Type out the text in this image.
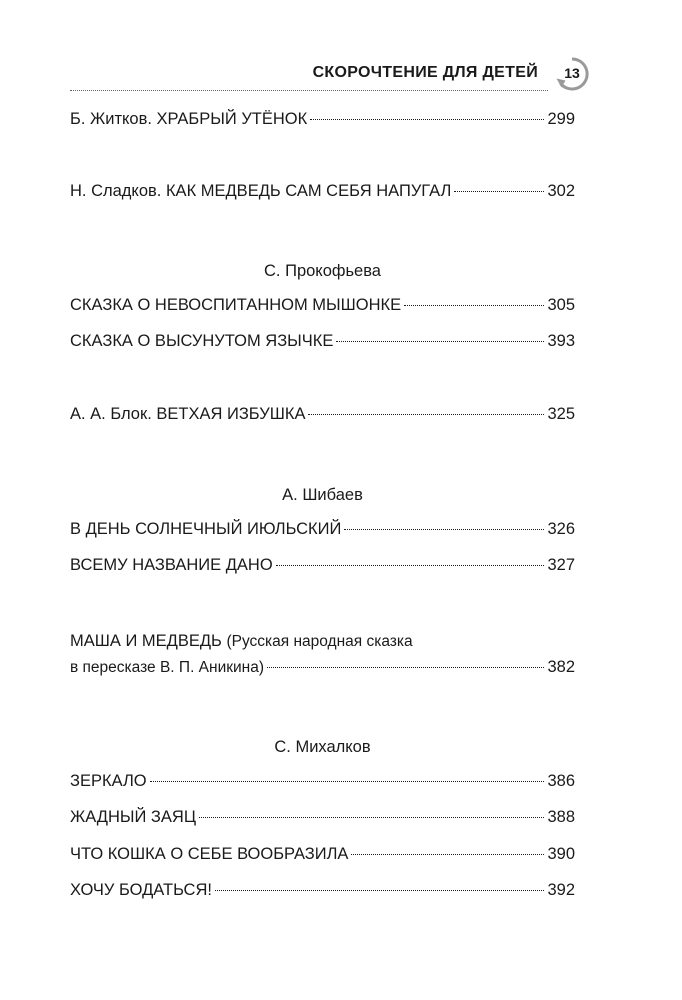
СКОРОЧТЕНИЕ ДЛЯ ДЕТЕЙ	13
Б. Житков. ХРАБРЫЙ УТЁНОК	299
Н. Сладков. КАК МЕДВЕДЬ САМ СЕБЯ НАПУГАЛ	302
С. Прокофьева
СКАЗКА О НЕВОСПИТАННОМ МЫШОНКЕ	305
СКАЗКА О ВЫСУНУТОМ ЯЗЫЧКЕ	393
А. А. Блок. ВЕТХАЯ ИЗБУШКА	325
А. Шибаев
В ДЕНЬ СОЛНЕЧНЫЙ ИЮЛЬСКИЙ	326
ВСЕМУ НАЗВАНИЕ ДАНО	327
МАША И МЕДВЕДЬ (Русская народная сказка
в пересказе В. П. Аникина)	382
С. Михалков
ЗЕРКАЛО	386
ЖАДНЫЙ ЗАЯЦ	388
ЧТО КОШКА О СЕБЕ ВООБРАЗИЛА	390
ХОЧУ БОДАТЬСЯ!	392
